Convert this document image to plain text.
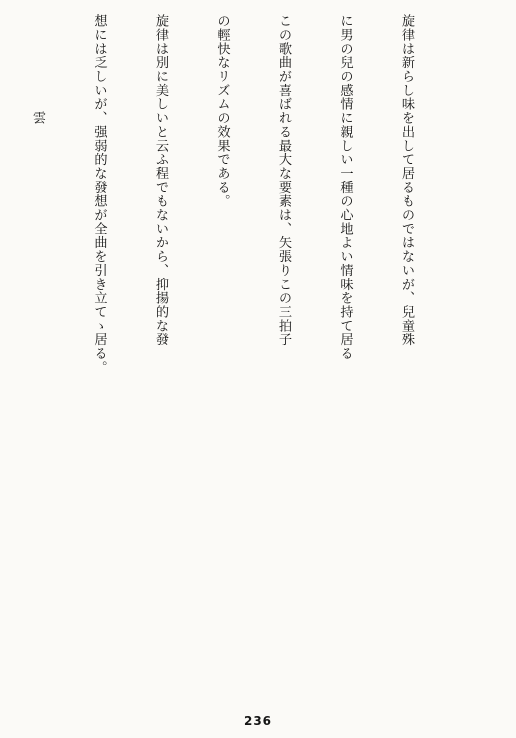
旋律は新らし味を出して居るものではないが、兒童殊

に男の兒の感情に親しい一種の心地よい情味を持て居る

この歌曲が喜ばれる最大な要素は、矢張りこの三拍子

の輕快なリズムの效果である。

旋律は別に美しいと云ふ程でもないから、抑揚的な發

想には乏しいが、强弱的な發想が全曲を引き立てゝ居る。

　　　　　　　雲

236
